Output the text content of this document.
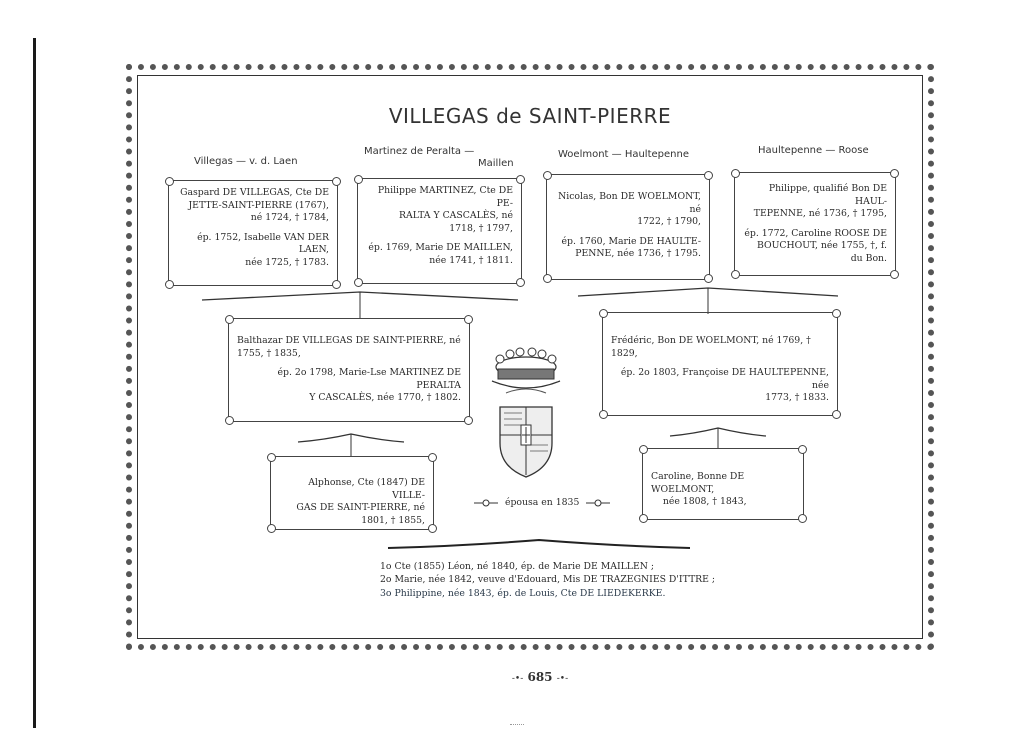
VILLEGAS de SAINT-PIERRE
Villegas — v. d. Laen
Martinez de Peralta —
Maillen
Woelmont — Haultepenne	Haultepenne — Roose

Gaspard DE VILLEGAS, Cte DE
JETTE-SAINT-PIERRE (1767),
né 1724, † 1784,

ép. 1752, Isabelle VAN DER LAEN,
née 1725, † 1783.

Philippe MARTINEZ, Cte DE PE-
RALTA Y CASCALÈS, né
1718, † 1797,

ép. 1769, Marie DE MAILLEN,
née 1741, † 1811.

Nicolas, Bon DE WOELMONT, né
1722, † 1790,

ép. 1760, Marie DE HAULTE-
PENNE, née 1736, † 1795.

Philippe, qualifié Bon DE HAUL-
TEPENNE, né 1736, † 1795,

ép. 1772, Caroline ROOSE DE
BOUCHOUT, née 1755, †, f.
du Bon.

Balthazar DE VILLEGAS DE SAINT-PIERRE, né
1755, † 1835,

ép. 2o 1798, Marie-Lse MARTINEZ DE PERALTA
Y CASCALÈS, née 1770, † 1802.

Frédéric, Bon DE WOELMONT, né 1769, † 1829,

ép. 2o 1803, Françoise DE HAULTEPENNE, née
1773, † 1833.

Alphonse, Cte (1847) DE VILLE-
GAS DE SAINT-PIERRE, né
1801, † 1855,

Caroline, Bonne DE WOELMONT,
née 1808, † 1843,

épousa en 1835
1o Cte (1855) Léon, né 1840, ép. de Marie DE MAILLEN ;
2o Marie, née 1842, veuve d'Edouard, Mis DE TRAZEGNIES D'ITTRE ;
3o Philippine, née 1843, ép. de Louis, Cte DE LIEDEKERKE.
-•- 685 -•-
